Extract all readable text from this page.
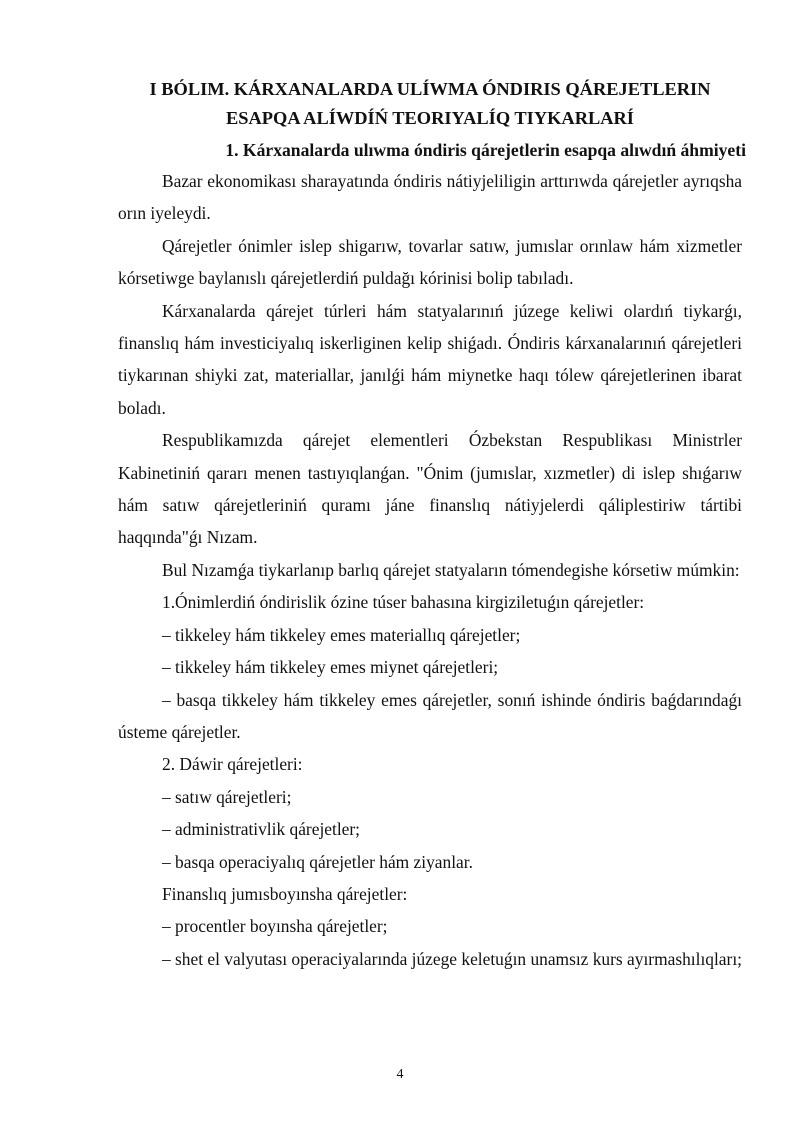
I BÓLIM. KÁRXANALARDA ULÍWMA ÓNDIRIS QÁREJETLERIN
ESAPQA ALÍWDÍŃ TEORIYALÍQ TIYKARLARÍ
1. Kárxanalarda ulıwma óndiris qárejetlerin esapqa alıwdıń áhmiyeti

Bazar ekonomikası sharayatında óndiris nátiyjeliligin arttırıwda qárejetler ayrıqsha orın iyeleydi.

Qárejetler ónimler islep shigarıw, tovarlar satıw, jumıslar orınlaw hám xizmetler kórsetiwge baylanıslı qárejetlerdiń puldağı kórinisi bolip tabıladı.

Kárxanalarda qárejet túrleri hám statyalarınıń júzege keliwi olardıń tiykarǵı, finanslıq hám investiciyalıq iskerliginen kelip shiǵadı. Óndiris kárxanalarınıń qárejetleri tiykarınan shiyki zat, materiallar, janılǵi hám miynetke haqı tólew qárejetlerinen ibarat boladı.

Respublikamızda qárejet elementleri Ózbekstan Respublikası Ministrler Kabinetiniń qararı menen tastıyıqlanǵan. "Ónim (jumıslar, xızmetler) di islep shıǵarıw hám satıw qárejetleriniń quramı jáne finanslıq nátiyjelerdi qáliplestiriw tártibi haqqında"ǵı Nızam.

Bul Nızamǵa tiykarlanıp barlıq qárejet statyaların tómendegishe kórsetiw múmkin:

1.Ónimlerdiń óndirislik ózine túser bahasına kirgiziletuǵın qárejetler:

– tikkeley hám tikkeley emes materiallıq qárejetler;

– tikkeley hám tikkeley emes miynet qárejetleri;

– basqa tikkeley hám tikkeley emes qárejetler, sonıń ishinde óndiris baǵdarındaǵı ústeme qárejetler.

2. Dáwir qárejetleri:

– satıw qárejetleri;

– administrativlik qárejetler;

– basqa operaciyalıq qárejetler hám ziyanlar.

Finanslıq jumısboyınsha qárejetler:

– procentler boyınsha qárejetler;

– shet el valyutası operaciyalarında júzege keletuǵın unamsız kurs ayırmashılıqları;

4
